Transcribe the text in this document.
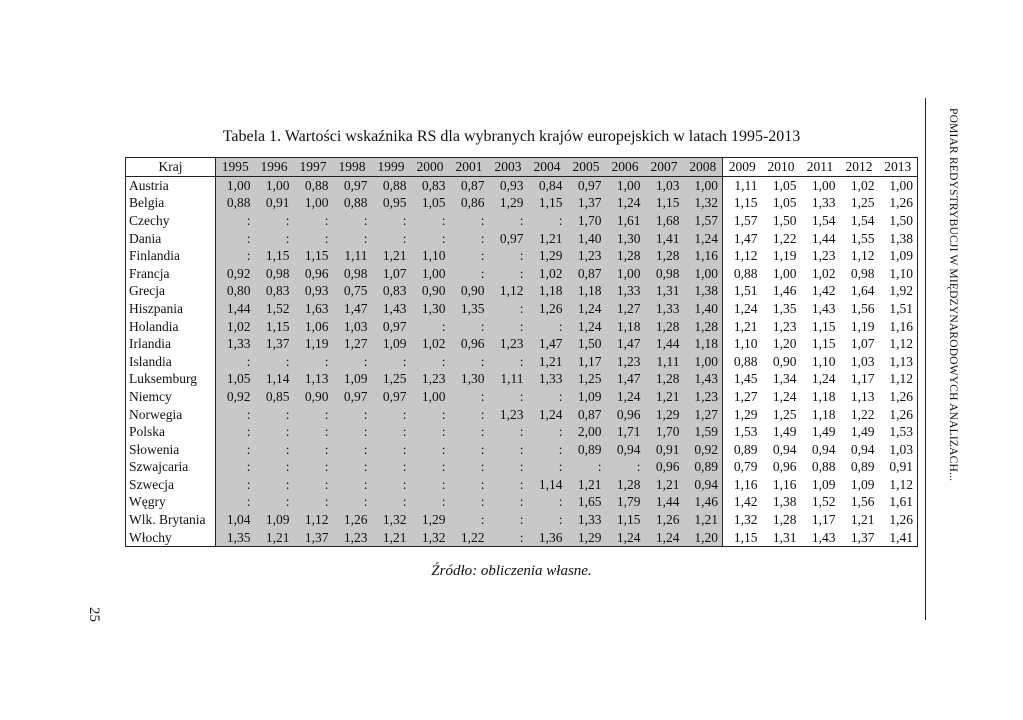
Tabela 1. Wartości wskaźnika RS dla wybranych krajów europejskich w latach 1995-2013
Kraj	1995	1996	1997	1998	1999	2000	2001	2003	2004	2005	2006	2007	2008	2009	2010	2011	2012	2013
Austria	1,00	1,00	0,88	0,97	0,88	0,83	0,87	0,93	0,84	0,97	1,00	1,03	1,00	1,11	1,05	1,00	1,02	1,00
Belgia	0,88	0,91	1,00	0,88	0,95	1,05	0,86	1,29	1,15	1,37	1,24	1,15	1,32	1,15	1,05	1,33	1,25	1,26
Czechy	:	:	:	:	:	:	:	:	:	1,70	1,61	1,68	1,57	1,57	1,50	1,54	1,54	1,50
Dania	:	:	:	:	:	:	:	0,97	1,21	1,40	1,30	1,41	1,24	1,47	1,22	1,44	1,55	1,38
Finlandia	:	1,15	1,15	1,11	1,21	1,10	:	:	1,29	1,23	1,28	1,28	1,16	1,12	1,19	1,23	1,12	1,09
Francja	0,92	0,98	0,96	0,98	1,07	1,00	:	:	1,02	0,87	1,00	0,98	1,00	0,88	1,00	1,02	0,98	1,10
Grecja	0,80	0,83	0,93	0,75	0,83	0,90	0,90	1,12	1,18	1,18	1,33	1,31	1,38	1,51	1,46	1,42	1,64	1,92
Hiszpania	1,44	1,52	1,63	1,47	1,43	1,30	1,35	:	1,26	1,24	1,27	1,33	1,40	1,24	1,35	1,43	1,56	1,51
Holandia	1,02	1,15	1,06	1,03	0,97	:	:	:	:	1,24	1,18	1,28	1,28	1,21	1,23	1,15	1,19	1,16
Irlandia	1,33	1,37	1,19	1,27	1,09	1,02	0,96	1,23	1,47	1,50	1,47	1,44	1,18	1,10	1,20	1,15	1,07	1,12
Islandia	:	:	:	:	:	:	:	:	1,21	1,17	1,23	1,11	1,00	0,88	0,90	1,10	1,03	1,13
Luksemburg	1,05	1,14	1,13	1,09	1,25	1,23	1,30	1,11	1,33	1,25	1,47	1,28	1,43	1,45	1,34	1,24	1,17	1,12
Niemcy	0,92	0,85	0,90	0,97	0,97	1,00	:	:	:	1,09	1,24	1,21	1,23	1,27	1,24	1,18	1,13	1,26
Norwegia	:	:	:	:	:	:	:	1,23	1,24	0,87	0,96	1,29	1,27	1,29	1,25	1,18	1,22	1,26
Polska	:	:	:	:	:	:	:	:	:	2,00	1,71	1,70	1,59	1,53	1,49	1,49	1,49	1,53
Słowenia	:	:	:	:	:	:	:	:	:	0,89	0,94	0,91	0,92	0,89	0,94	0,94	0,94	1,03
Szwajcaria	:	:	:	:	:	:	:	:	:	:	:	0,96	0,89	0,79	0,96	0,88	0,89	0,91
Szwecja	:	:	:	:	:	:	:	:	1,14	1,21	1,28	1,21	0,94	1,16	1,16	1,09	1,09	1,12
Węgry	:	:	:	:	:	:	:	:	:	1,65	1,79	1,44	1,46	1,42	1,38	1,52	1,56	1,61
Wlk. Brytania	1,04	1,09	1,12	1,26	1,32	1,29	:	:	:	1,33	1,15	1,26	1,21	1,32	1,28	1,17	1,21	1,26
Włochy	1,35	1,21	1,37	1,23	1,21	1,32	1,22	:	1,36	1,29	1,24	1,24	1,20	1,15	1,31	1,43	1,37	1,41
Źródło: obliczenia własne.
POMIAR REDYSTRYBUCJI W MIĘDZYNARODOWYCH ANALIZACH...
25
